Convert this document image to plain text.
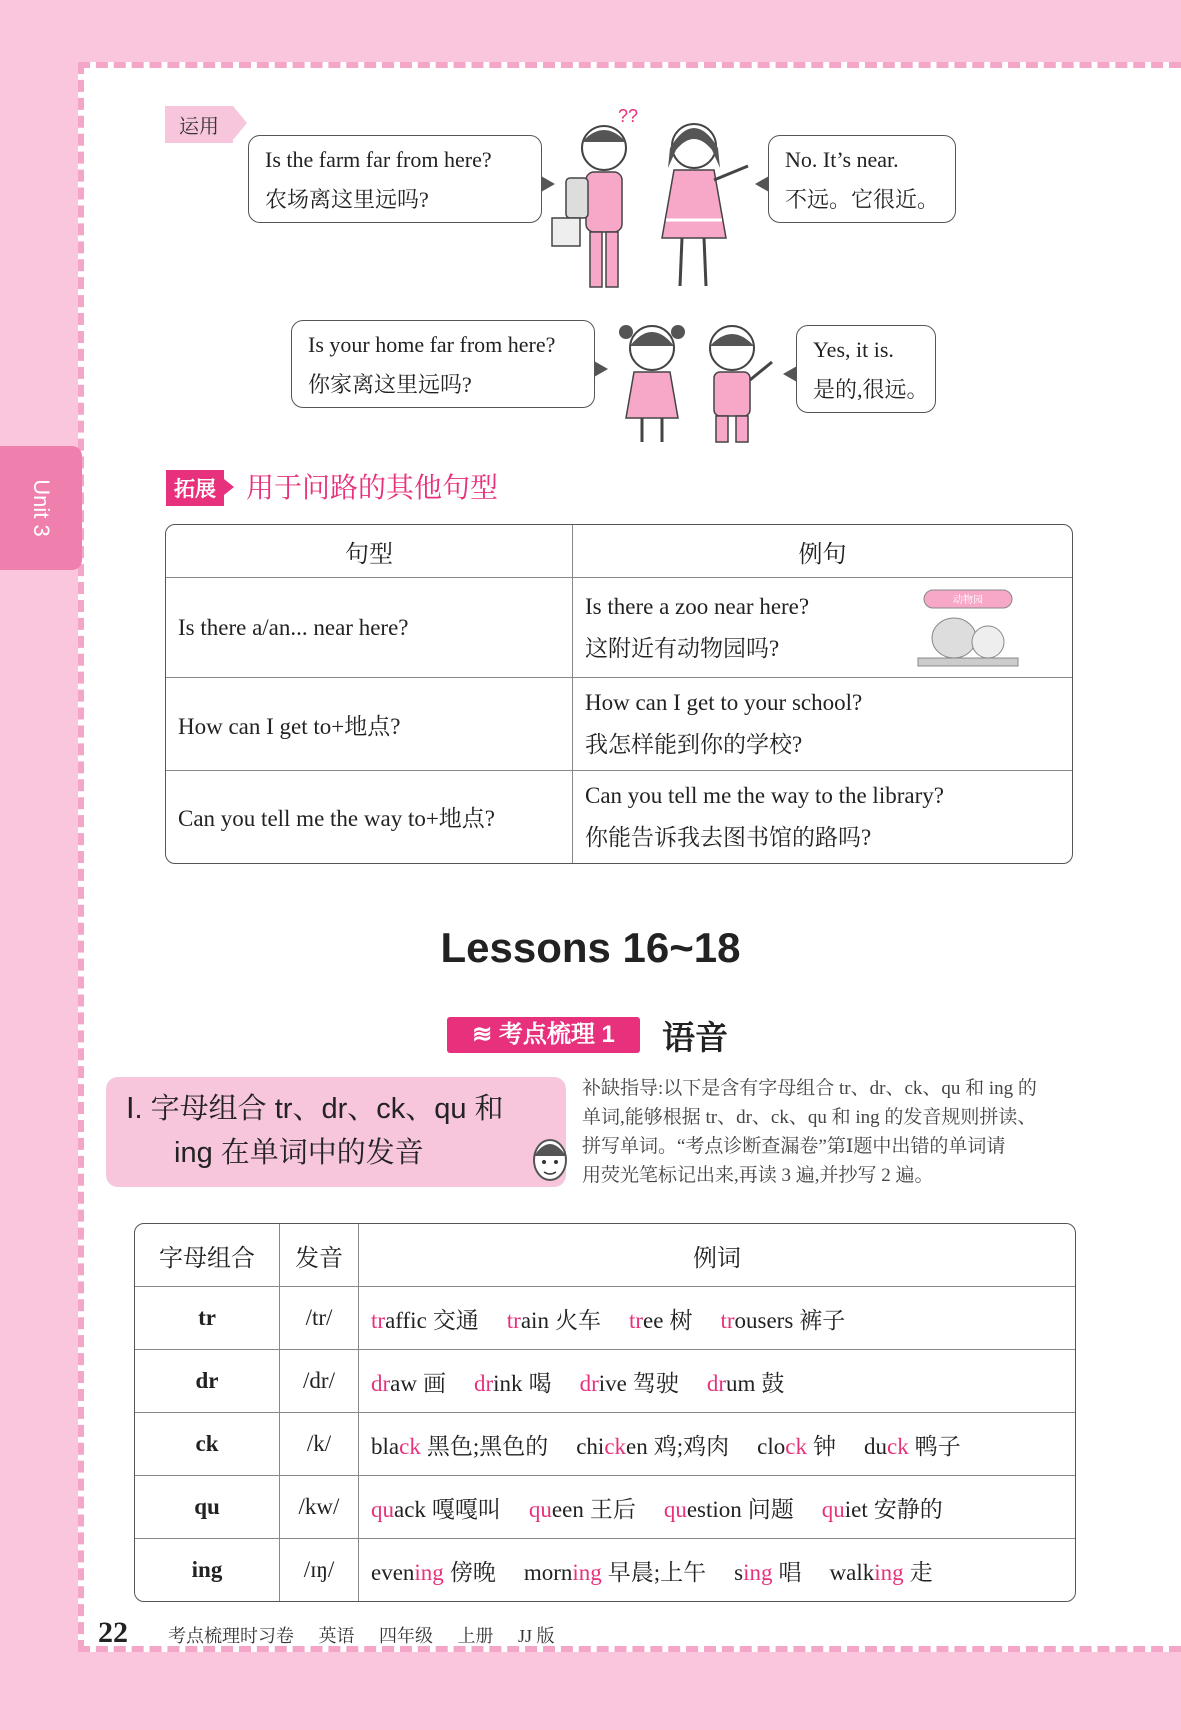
Unit 3
运用
Is the farm far from here?
农场离这里远吗?
No. It’s near.
不远。它很近。
Is your home far from here?
你家离这里远吗?
Yes, it is.
是的,很远。
??
拓展 用于问路的其他句型
句型	例句
Is there a/an... near here?	Is there a zoo near here?
这附近有动物园吗?
动物园

How can I get to+地点?	How can I get to your school?
我怎样能到你的学校?

Can you tell me the way to+地点?	Can you tell me the way to the library?
你能告诉我去图书馆的路吗?
Lessons 16~18
≋ 考点梳理 1	语音
Ⅰ. 字母组合 tr、dr、ck、qu 和
ing 在单词中的发音
补缺指导:以下是含有字母组合 tr、dr、ck、qu 和 ing 的
单词,能够根据 tr、dr、ck、qu 和 ing 的发音规则拼读、
拼写单词。“考点诊断查漏卷”第Ⅰ题中出错的单词请
用荧光笔标记出来,再读 3 遍,并抄写 2 遍。
字母组合	发音	例词
tr	/tr/	traffic 交通 train 火车 tree 树 trousers 裤子
dr	/dr/	draw 画 drink 喝 drive 驾驶 drum 鼓
ck	/k/	black 黑色;黑色的 chicken 鸡;鸡肉 clock 钟 duck 鸭子
qu	/kw/	quack 嘎嘎叫 queen 王后 question 问题 quiet 安静的
ing	/ɪŋ/	evening 傍晚 morning 早晨;上午 sing 唱 walking 走
22 考点梳理时习卷 英语 四年级 上册 JJ 版
